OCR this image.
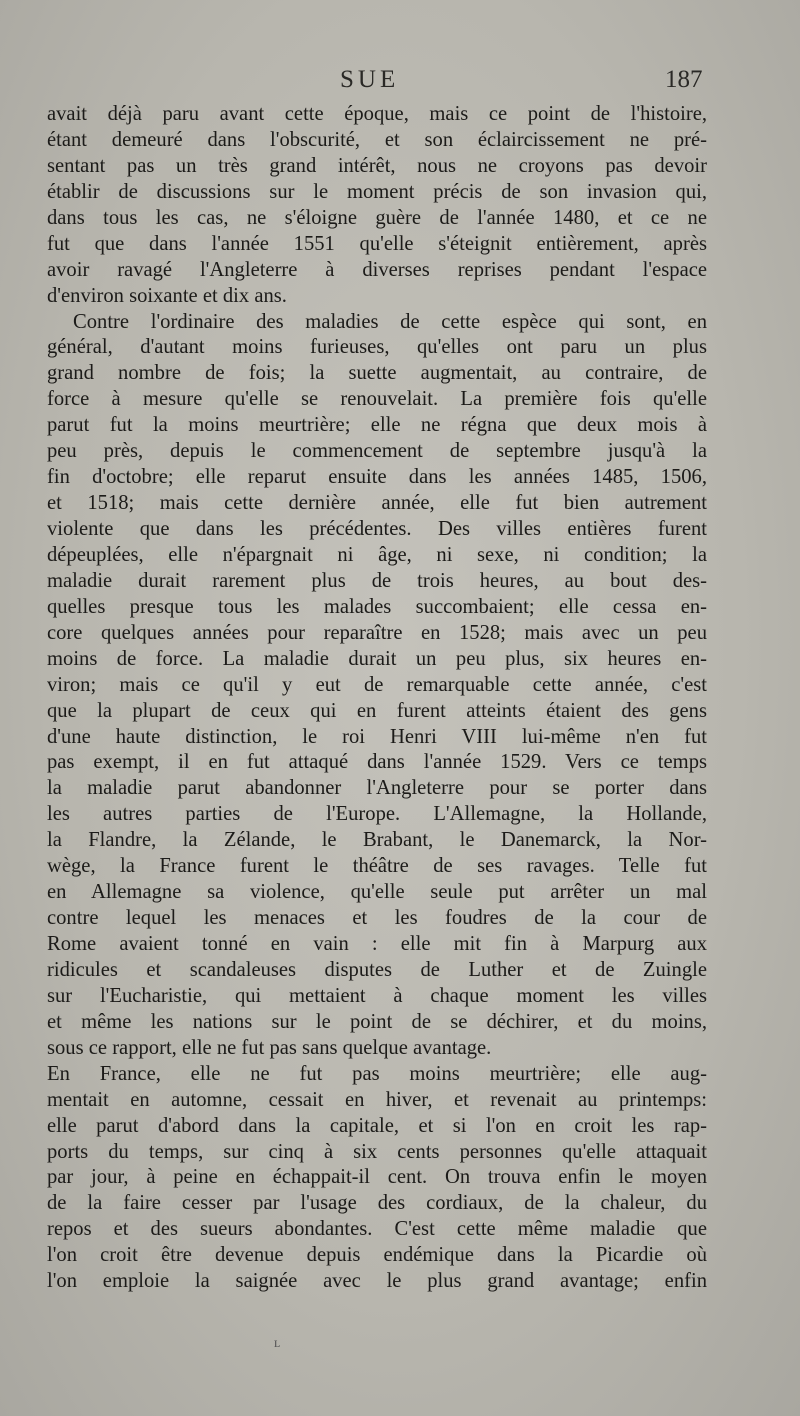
SUE	187
avait déjà paru avant cette époque, mais ce point de l'histoire,
étant demeuré dans l'obscurité, et son éclaircissement ne pré-
sentant pas un très grand intérêt, nous ne croyons pas devoir
établir de discussions sur le moment précis de son invasion qui,
dans tous les cas, ne s'éloigne guère de l'année 1480, et ce ne
fut que dans l'année 1551 qu'elle s'éteignit entièrement, après
avoir ravagé l'Angleterre à diverses reprises pendant l'espace
d'environ soixante et dix ans.
Contre l'ordinaire des maladies de cette espèce qui sont, en
général, d'autant moins furieuses, qu'elles ont paru un plus
grand nombre de fois; la suette augmentait, au contraire, de
force à mesure qu'elle se renouvelait. La première fois qu'elle
parut fut la moins meurtrière; elle ne régna que deux mois à
peu près, depuis le commencement de septembre jusqu'à la
fin d'octobre; elle reparut ensuite dans les années 1485, 1506,
et 1518; mais cette dernière année, elle fut bien autrement
violente que dans les précédentes. Des villes entières furent
dépeuplées, elle n'épargnait ni âge, ni sexe, ni condition; la
maladie durait rarement plus de trois heures, au bout des-
quelles presque tous les malades succombaient; elle cessa en-
core quelques années pour reparaître en 1528; mais avec un peu
moins de force. La maladie durait un peu plus, six heures en-
viron; mais ce qu'il y eut de remarquable cette année, c'est
que la plupart de ceux qui en furent atteints étaient des gens
d'une haute distinction, le roi Henri VIII lui-même n'en fut
pas exempt, il en fut attaqué dans l'année 1529. Vers ce temps
la maladie parut abandonner l'Angleterre pour se porter dans
les autres parties de l'Europe. L'Allemagne, la Hollande,
la Flandre, la Zélande, le Brabant, le Danemarck, la Nor-
wège, la France furent le théâtre de ses ravages. Telle fut
en Allemagne sa violence, qu'elle seule put arrêter un mal
contre lequel les menaces et les foudres de la cour de
Rome avaient tonné en vain : elle mit fin à Marpurg aux
ridicules et scandaleuses disputes de Luther et de Zuingle
sur l'Eucharistie, qui mettaient à chaque moment les villes
et même les nations sur le point de se déchirer, et du moins,
sous ce rapport, elle ne fut pas sans quelque avantage.
En France, elle ne fut pas moins meurtrière; elle aug-
mentait en automne, cessait en hiver, et revenait au printemps:
elle parut d'abord dans la capitale, et si l'on en croit les rap-
ports du temps, sur cinq à six cents personnes qu'elle attaquait
par jour, à peine en échappait-il cent. On trouva enfin le moyen
de la faire cesser par l'usage des cordiaux, de la chaleur, du
repos et des sueurs abondantes. C'est cette même maladie que
l'on croit être devenue depuis endémique dans la Picardie où
l'on emploie la saignée avec le plus grand avantage; enfin
ʟ
